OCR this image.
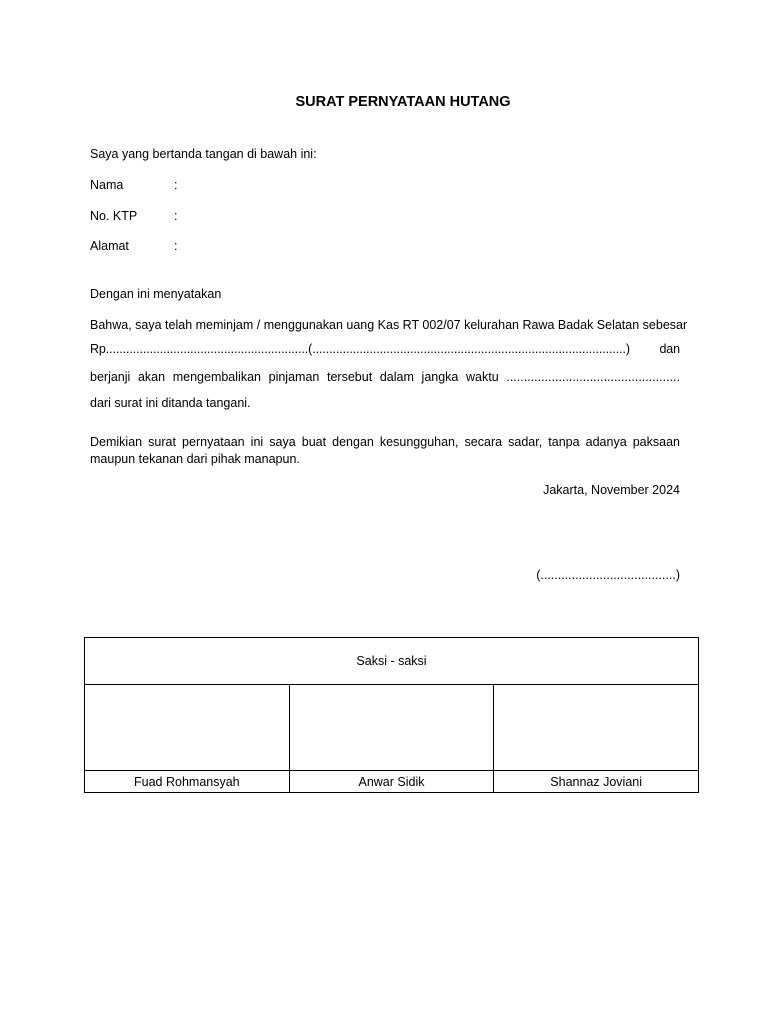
SURAT PERNYATAAN HUTANG
Saya yang bertanda tangan di bawah ini:
Nama	:
No. KTP	:
Alamat	:
Dengan ini menyatakan
Bahwa, saya telah meminjam / menggunakan uang Kas RT 002/07 kelurahan Rawa Badak Selatan sebesar
Rp............................................................(.............................................................................................) dan
berjanji akan mengembalikan pinjaman tersebut dalam jangka waktu ..................................................
dari surat ini ditanda tangani.
Demikian surat pernyataan ini saya buat dengan kesungguhan, secara sadar, tanpa adanya paksaan maupun tekanan dari pihak manapun.
Jakarta, November 2024
(.......................................)
Saksi - saksi		

Fuad Rohmansyah	Anwar Sidik	Shannaz Joviani
